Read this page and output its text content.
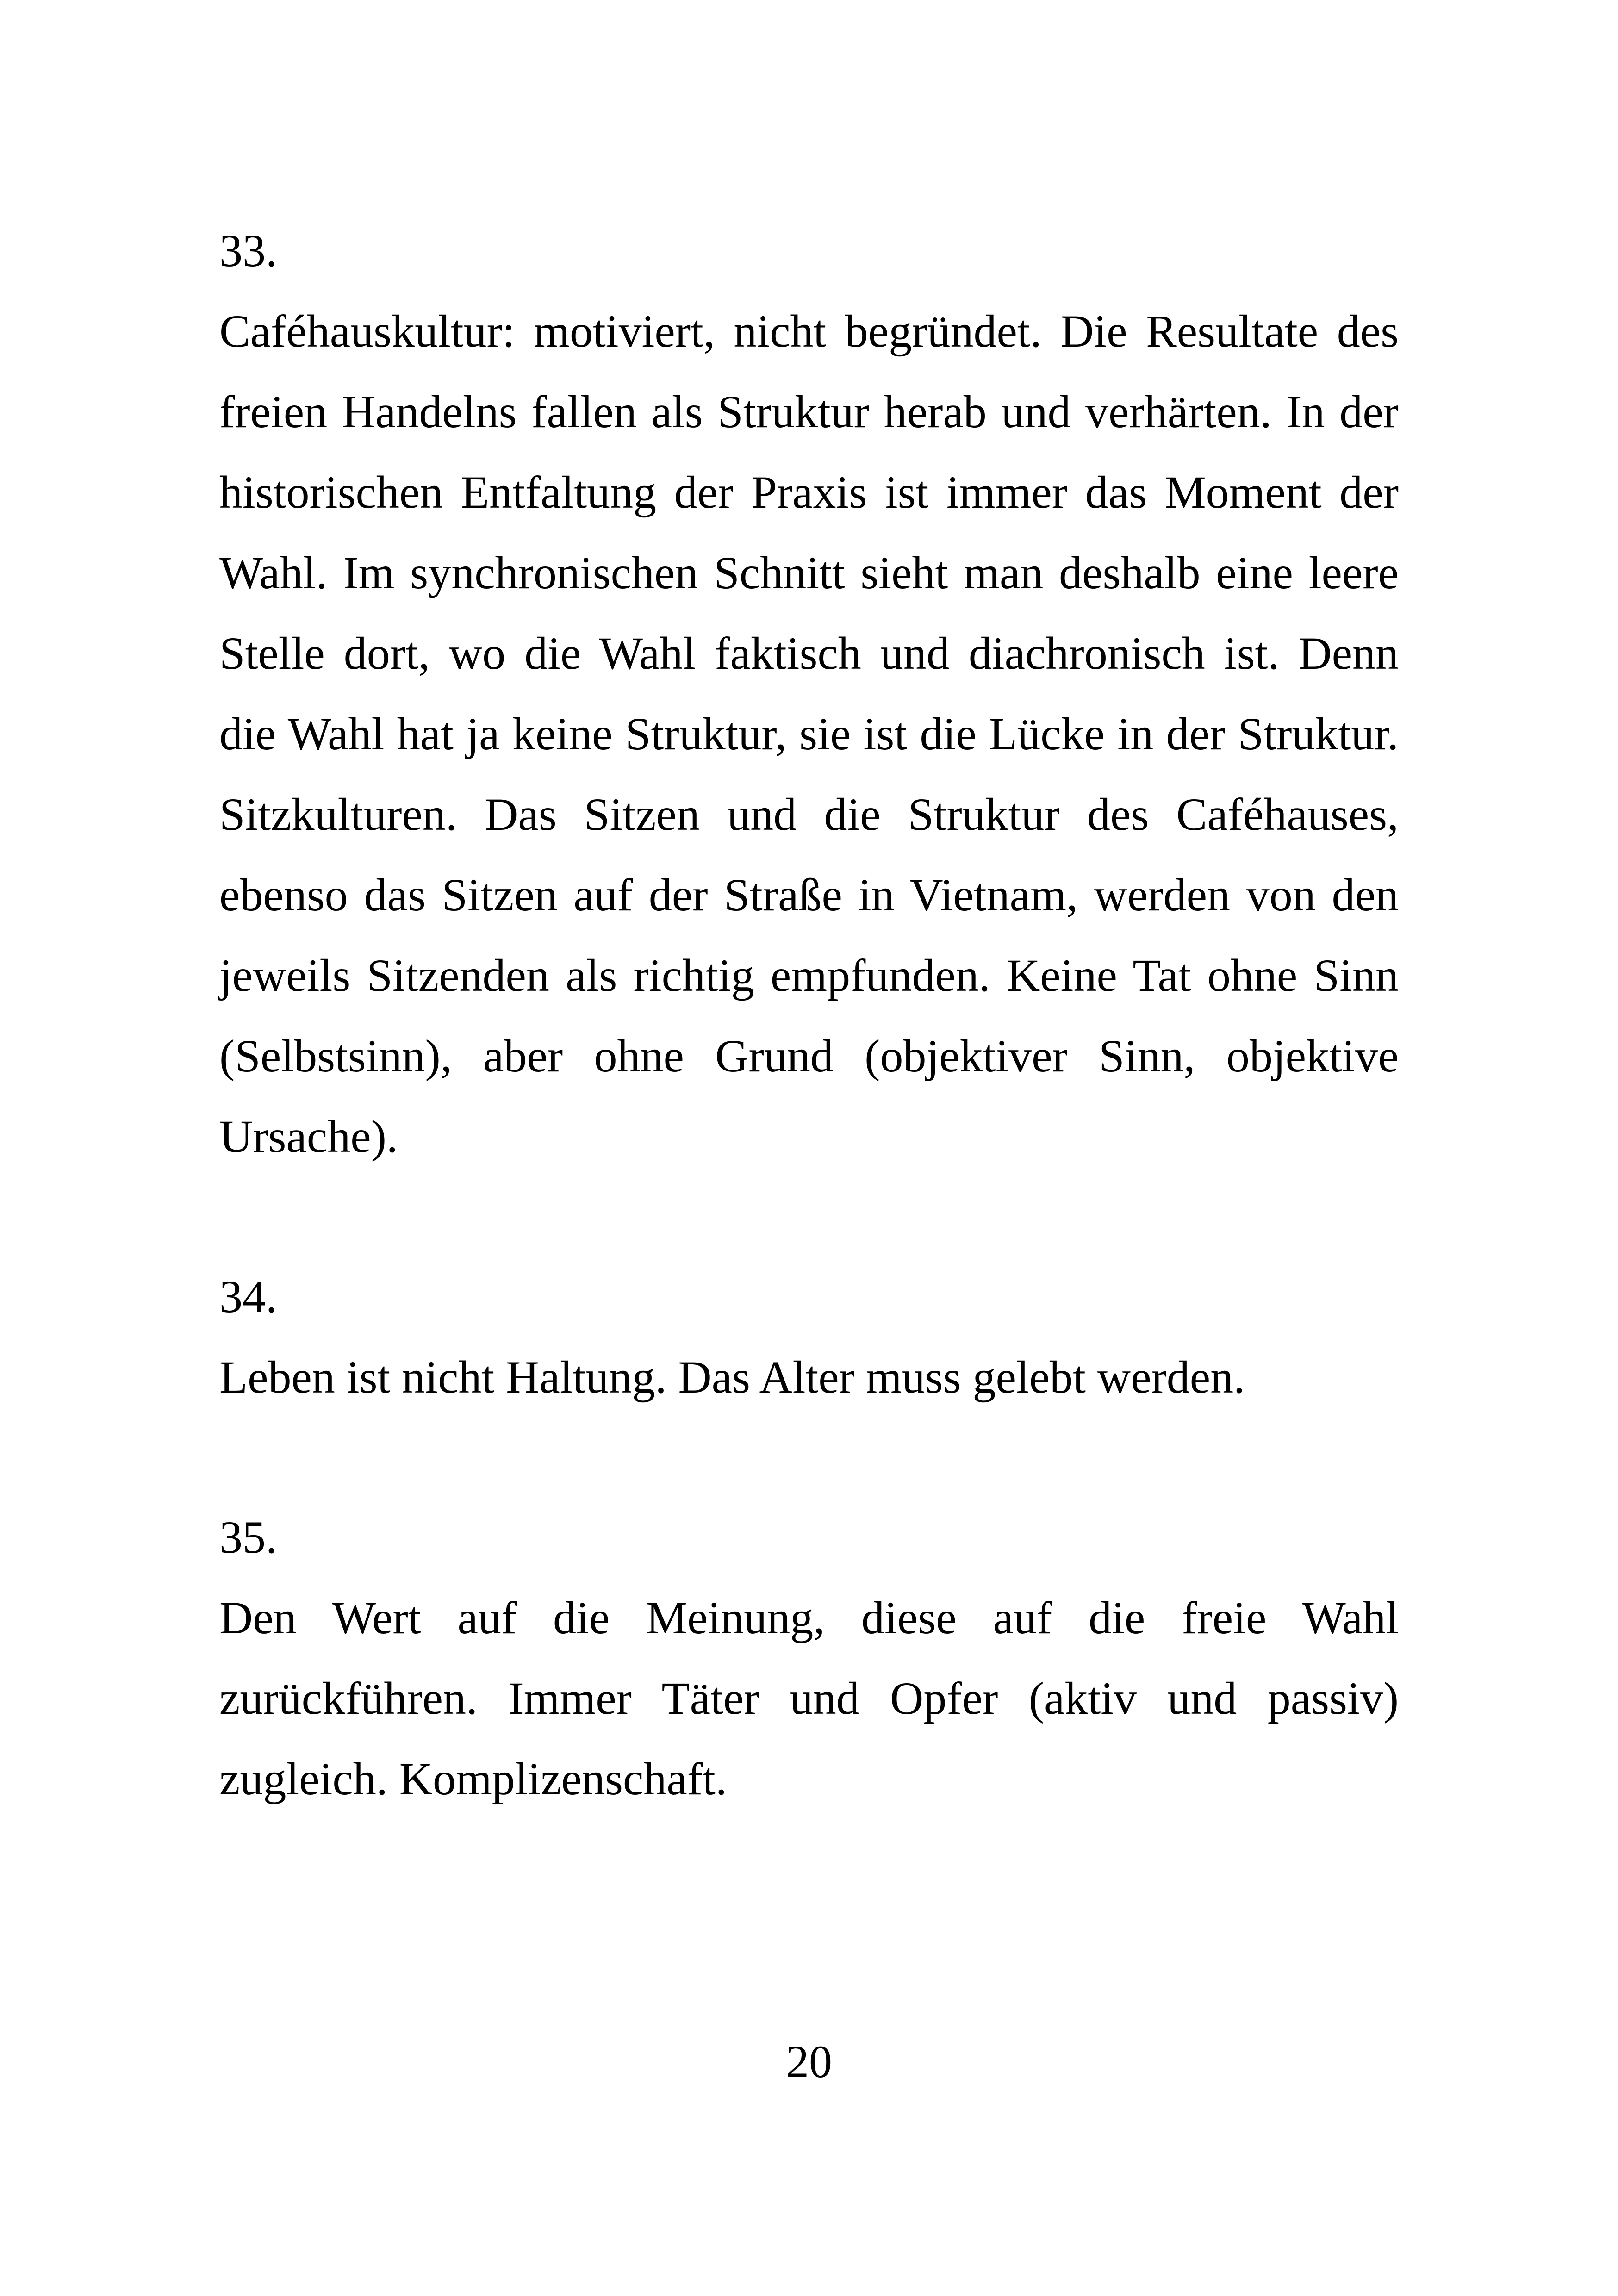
33.

Caféhauskultur: motiviert, nicht begründet. Die Resultate des freien Handelns fallen als Struktur herab und verhärten. In der historischen Entfaltung der Praxis ist immer das Moment der Wahl. Im synchronischen Schnitt sieht man deshalb eine leere Stelle dort, wo die Wahl faktisch und diachronisch ist. Denn die Wahl hat ja keine Struktur, sie ist die Lücke in der Struktur. Sitzkulturen. Das Sitzen und die Struktur des Caféhauses, ebenso das Sitzen auf der Straße in Vietnam, werden von den jeweils Sitzenden als richtig empfunden. Keine Tat ohne Sinn (Selbstsinn), aber ohne Grund (objektiver Sinn, objektive Ursache).

34.

Leben ist nicht Haltung. Das Alter muss gelebt werden.

35.

Den Wert auf die Meinung, diese auf die freie Wahl zurückführen. Immer Täter und Opfer (aktiv und passiv) zugleich. Komplizenschaft.

20
